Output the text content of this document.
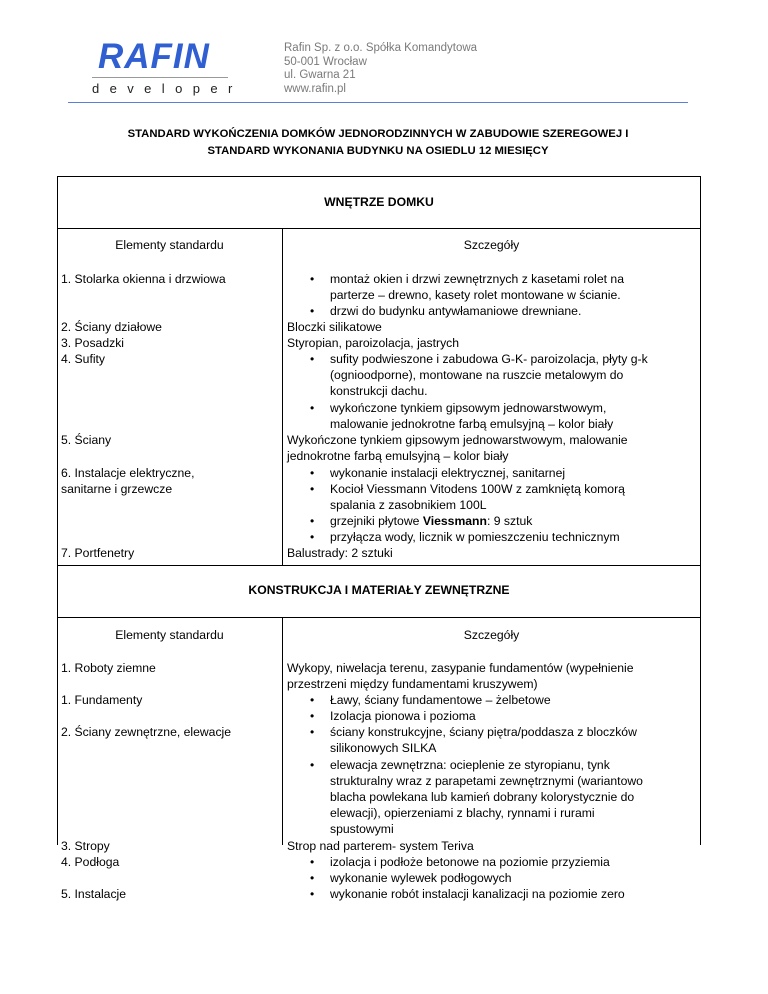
RAFIN
developer
Rafin Sp. z o.o. Spółka Komandytowa
50-001 Wrocław
ul. Gwarna 21
www.rafin.pl
STANDARD WYKOŃCZENIA DOMKÓW JEDNORODZINNYCH W ZABUDOWIE SZEREGOWEJ I
STANDARD WYKONANIA BUDYNKU NA OSIEDLU 12 MIESIĘCY
WNĘTRZE DOMKU
Elementy standardu	Szczegóły
1. Stolarka okienna i drzwiowa
2. Ściany działowe
3. Posadzki
4. Sufity
5. Ściany
6. Instalacje elektryczne,
sanitarne i grzewcze
7. Portfenetry
• montaż okien i drzwi zewnętrznych z kasetami rolet na
parterze – drewno, kasety rolet montowane w ścianie.
• drzwi do budynku antywłamaniowe drewniane.
Bloczki silikatowe
Styropian, paroizolacja, jastrych
• sufity podwieszone i zabudowa G-K- paroizolacja, płyty g-k
(ognioodporne), montowane na ruszcie metalowym do
konstrukcji dachu.
• wykończone tynkiem gipsowym jednowarstwowym,
malowanie jednokrotne farbą emulsyjną – kolor biały
Wykończone tynkiem gipsowym jednowarstwowym, malowanie
jednokrotne farbą emulsyjną – kolor biały
• wykonanie instalacji elektrycznej, sanitarnej
• Kocioł Viessmann Vitodens 100W z zamkniętą komorą
spalania z zasobnikiem 100L
• grzejniki płytowe Viessmann: 9 sztuk
• przyłącza wody, licznik w pomieszczeniu technicznym
Balustrady: 2 sztuki
KONSTRUKCJA I MATERIAŁY ZEWNĘTRZNE
Elementy standardu	Szczegóły
1. Roboty ziemne
1. Fundamenty
2. Ściany zewnętrzne, elewacje
3. Stropy
4. Podłoga
5. Instalacje
Wykopy, niwelacja terenu, zasypanie fundamentów (wypełnienie
przestrzeni między fundamentami kruszywem)
• Ławy, ściany fundamentowe – żelbetowe
• Izolacja pionowa i pozioma
• ściany konstrukcyjne, ściany piętra/poddasza z bloczków
silikonowych SILKA
• elewacja zewnętrzna: ocieplenie ze styropianu, tynk
strukturalny wraz z parapetami zewnętrznymi (wariantowo
blacha powlekana lub kamień dobrany kolorystycznie do
elewacji), opierzeniami z blachy, rynnami i rurami
spustowymi
Strop nad parterem- system Teriva
• izolacja i podłoże betonowe na poziomie przyziemia
• wykonanie wylewek podłogowych
• wykonanie robót instalacji kanalizacji na poziomie zero
